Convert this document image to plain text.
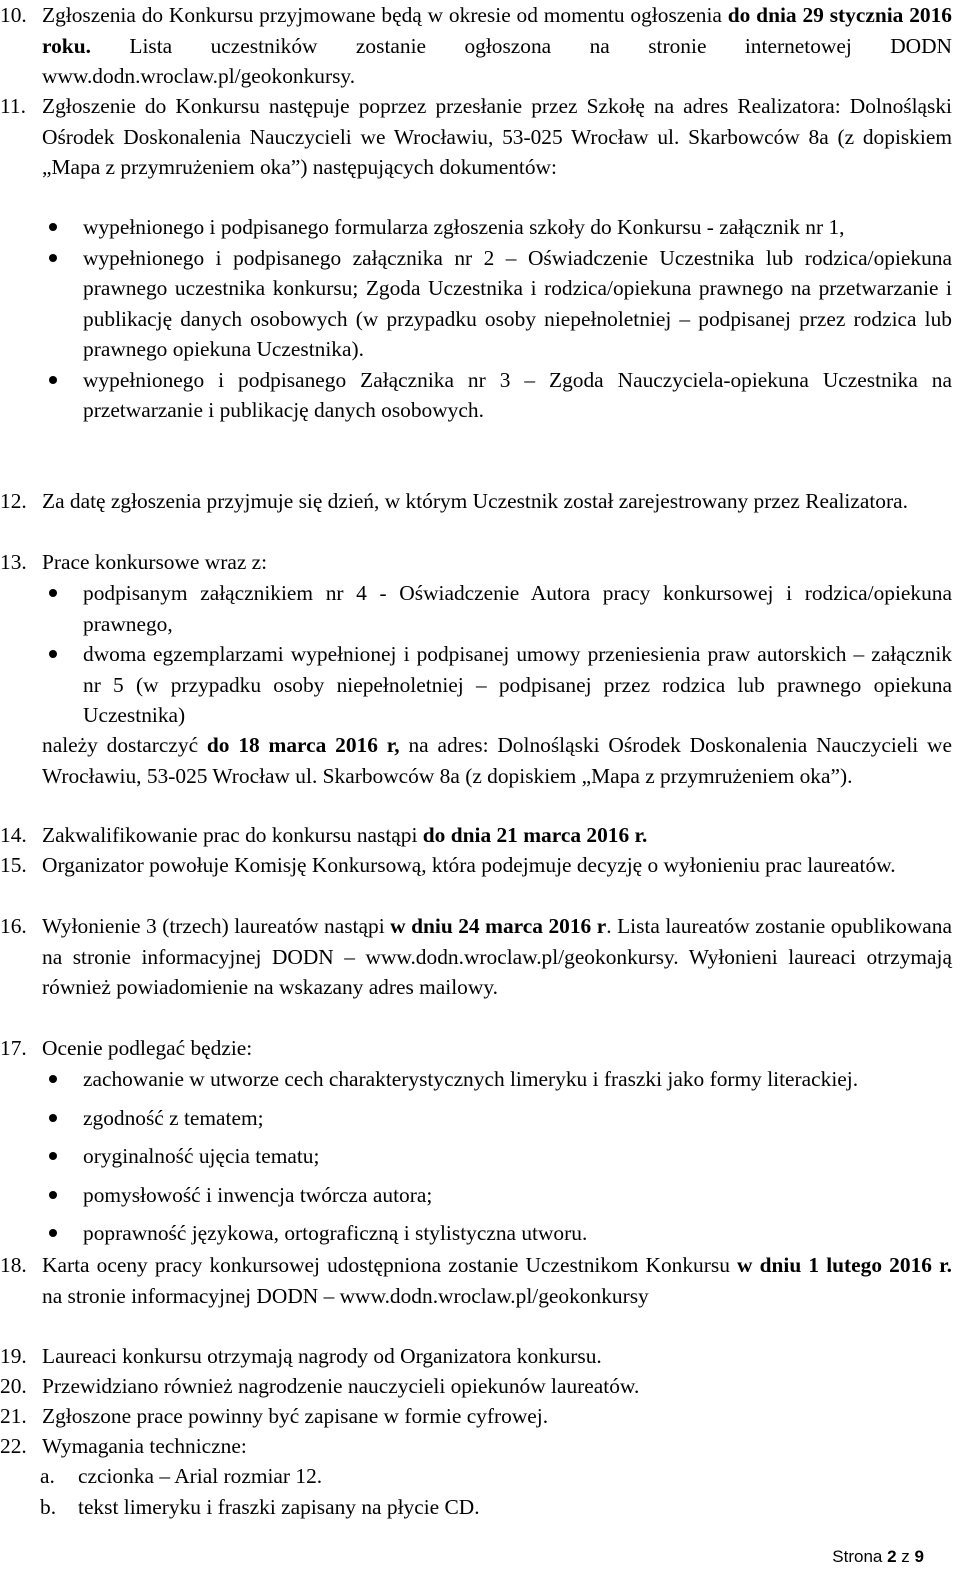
10. Zgłoszenia do Konkursu przyjmowane będą w okresie od momentu ogłoszenia do dnia 29 stycznia 2016 roku. Lista uczestników zostanie ogłoszona na stronie internetowej DODN www.dodn.wroclaw.pl/geokonkursy.
11. Zgłoszenie do Konkursu następuje poprzez przesłanie przez Szkołę na adres Realizatora: Dolnośląski Ośrodek Doskonalenia Nauczycieli we Wrocławiu, 53-025 Wrocław ul. Skarbowców 8a (z dopiskiem „Mapa z przymrużeniem oka”) następujących dokumentów:
wypełnionego i podpisanego formularza zgłoszenia szkoły do Konkursu - załącznik nr 1,
wypełnionego i podpisanego załącznika nr 2 – Oświadczenie Uczestnika lub rodzica/opiekuna prawnego uczestnika konkursu; Zgoda Uczestnika i rodzica/opiekuna prawnego na przetwarzanie i publikację danych osobowych (w przypadku osoby niepełnoletniej – podpisanej przez rodzica lub prawnego opiekuna Uczestnika).
wypełnionego i podpisanego Załącznika nr 3 – Zgoda Nauczyciela-opiekuna Uczestnika na przetwarzanie i publikację danych osobowych.
12. Za datę zgłoszenia przyjmuje się dzień, w którym Uczestnik został zarejestrowany przez Realizatora.
13. Prace konkursowe wraz z:
podpisanym załącznikiem nr 4 - Oświadczenie Autora pracy konkursowej i rodzica/opiekuna prawnego,
dwoma egzemplarzami wypełnionej i podpisanej umowy przeniesienia praw autorskich – załącznik nr 5 (w przypadku osoby niepełnoletniej – podpisanej przez rodzica lub prawnego opiekuna Uczestnika)
należy dostarczyć do 18 marca 2016 r, na adres: Dolnośląski Ośrodek Doskonalenia Nauczycieli we Wrocławiu, 53-025 Wrocław ul. Skarbowców 8a (z dopiskiem „Mapa z przymrużeniem oka”).
14. Zakwalifikowanie prac do konkursu nastąpi do dnia 21 marca 2016 r.
15. Organizator powołuje Komisję Konkursową, która podejmuje decyzję o wyłonieniu prac laureatów.
16. Wyłonienie 3 (trzech) laureatów nastąpi w dniu 24 marca 2016 r. Lista laureatów zostanie opublikowana na stronie informacyjnej DODN – www.dodn.wroclaw.pl/geokonkursy. Wyłonieni laureaci otrzymają również powiadomienie na wskazany adres mailowy.
17. Ocenie podlegać będzie:
zachowanie w utworze cech charakterystycznych limeryku i fraszki jako formy literackiej.
zgodność z tematem;
oryginalność ujęcia tematu;
pomysłowość i inwencja twórcza autora;
poprawność językowa, ortograficzną i stylistyczna utworu.
18. Karta oceny pracy konkursowej udostępniona zostanie Uczestnikom Konkursu w dniu 1 lutego 2016 r. na stronie informacyjnej DODN – www.dodn.wroclaw.pl/geokonkursy
19. Laureaci konkursu otrzymają nagrody od Organizatora konkursu.
20. Przewidziano również nagrodzenie nauczycieli opiekunów laureatów.
21. Zgłoszone prace powinny być zapisane w formie cyfrowej.
22. Wymagania techniczne:
a. czcionka – Arial rozmiar 12.
b. tekst limeryku i fraszki zapisany na płycie CD.
Strona 2 z 9
